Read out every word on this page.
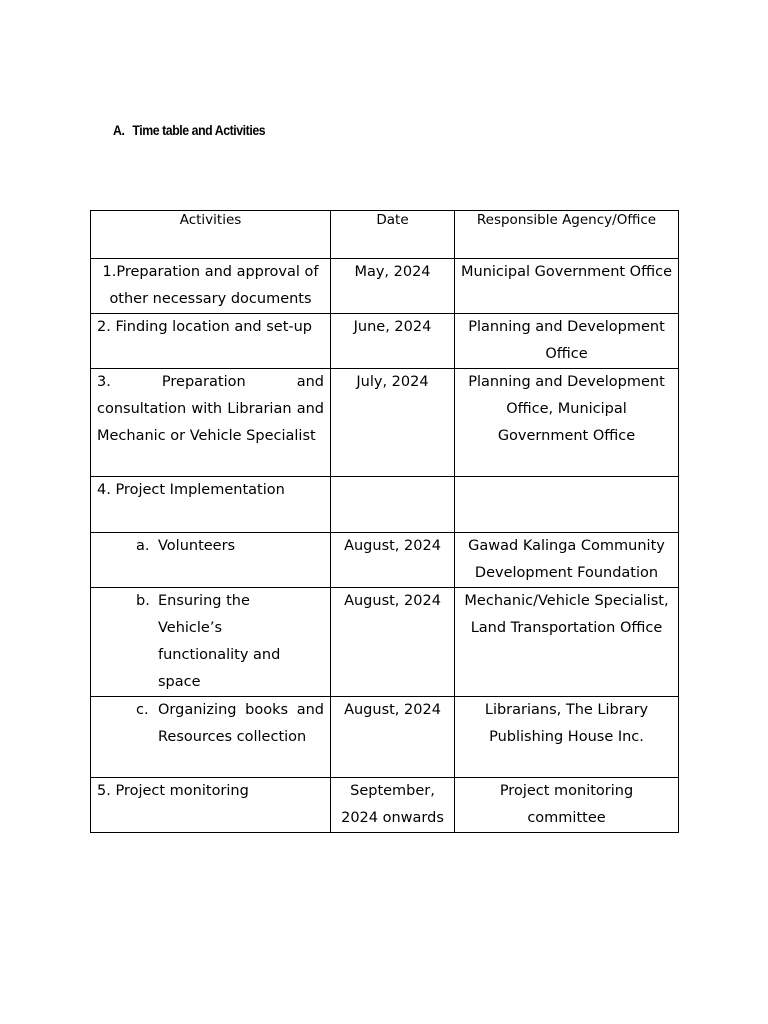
A. Time table and Activities
Activities	Date	Responsible Agency/Office
1.Preparation and approval of other necessary documents	May, 2024	Municipal Government Office
2. Finding location and set-up	June, 2024	Planning and Development Office
3. Preparation and consultation with Librarian and Mechanic or Vehicle Specialist	July, 2024	Planning and Development Office, Municipal Government Office
4. Project Implementation		

a. Volunteers	August, 2024	Gawad Kalinga Community Development Foundation

b. Ensuring the Vehicle’s functionality and space	August, 2024	Mechanic/Vehicle Specialist, Land Transportation Office

c. Organizing books and Resources collection	August, 2024	Librarians, The Library Publishing House Inc.
5. Project monitoring	September, 2024 onwards	Project monitoring committee
